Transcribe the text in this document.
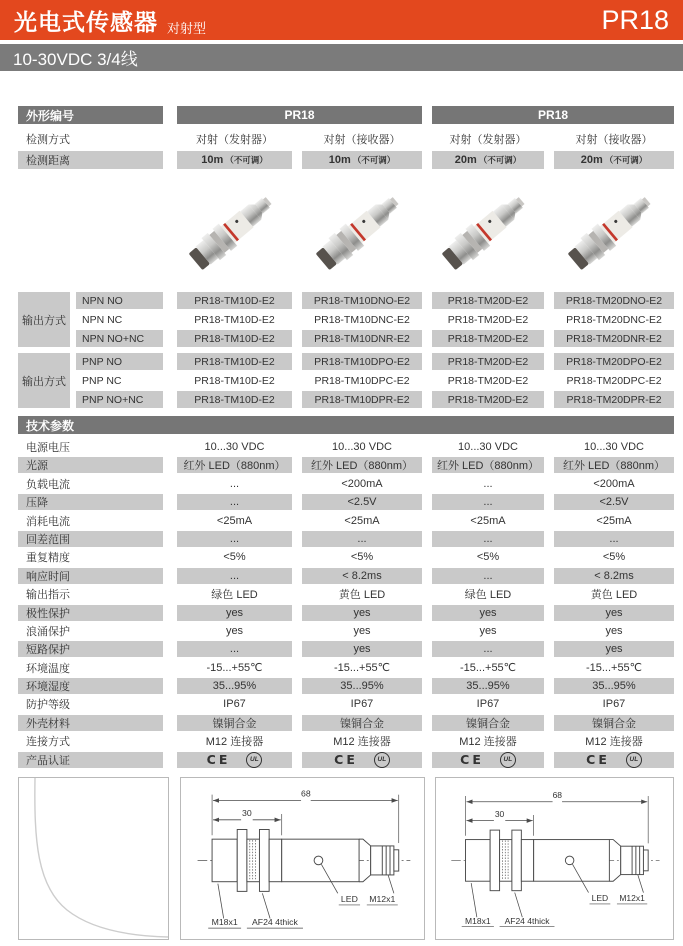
光电式传感器 对射型	PR18
10-30VDC 3/4线
外形编号	PR18	PR18
检测方式	对射（发射器）	对射（接收器）	对射（发射器）	对射（接收器）
检测距离	10m （不可调）	10m （不可调）	20m （不可调）	20m （不可调）
输出方式
NPN NO	PR18-TM10D-E2	PR18-TM10DNO-E2	PR18-TM20D-E2	PR18-TM20DNO-E2
NPN NC	PR18-TM10D-E2	PR18-TM10DNC-E2	PR18-TM20D-E2	PR18-TM20DNC-E2
NPN NO+NC	PR18-TM10D-E2	PR18-TM10DNR-E2	PR18-TM20D-E2	PR18-TM20DNR-E2
输出方式
PNP NO	PR18-TM10D-E2	PR18-TM10DPO-E2	PR18-TM20D-E2	PR18-TM20DPO-E2
PNP NC	PR18-TM10D-E2	PR18-TM10DPC-E2	PR18-TM20D-E2	PR18-TM20DPC-E2
PNP NO+NC	PR18-TM10D-E2	PR18-TM10DPR-E2	PR18-TM20D-E2	PR18-TM20DPR-E2
技术参数
电源电压	10...30 VDC	10...30 VDC	10...30 VDC	10...30 VDC
光源	红外 LED（880nm）	红外 LED（880nm）	红外 LED（880nm）	红外 LED（880nm）
负载电流	...	<200mA	...	<200mA
压降	...	<2.5V	...	<2.5V
消耗电流	<25mA	<25mA	<25mA	<25mA
回差范围	...	...	...	...
重复精度	<5%	<5%	<5%	<5%
响应时间	...	< 8.2ms	...	< 8.2ms
输出指示	绿色 LED	黄色 LED	绿色 LED	黄色 LED
极性保护	yes	yes	yes	yes
浪涌保护	yes	yes	yes	yes
短路保护	...	yes	...	yes
环境温度	-15...+55℃	-15...+55℃	-15...+55℃	-15...+55℃
环境湿度	35...95%	35...95%	35...95%	35...95%
防护等级	IP67	IP67	IP67	IP67
外壳材料	镍铜合金	镍铜合金	镍铜合金	镍铜合金
连接方式	M12 连接器	M12 连接器	M12 连接器	M12 连接器
产品认证	CE	UL	CE	UL	CE	UL	CE	UL
68
30
LED M12x1
M18x1 AF24 4thick
68
30
LED M12x1
M18x1 AF24 4thick
